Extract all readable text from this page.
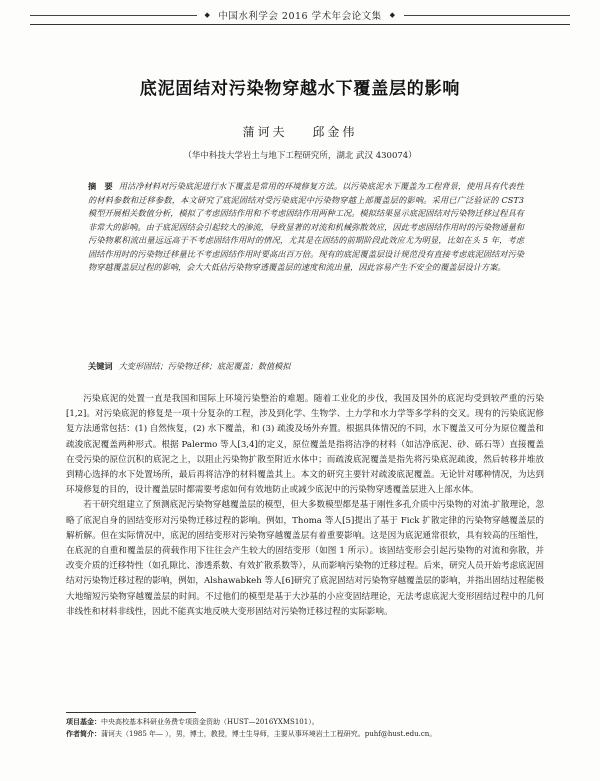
◆ 中国水利学会 2016 学术年会论文集 ◆
底泥固结对污染物穿越水下覆盖层的影响
蒲诃夫 邱金伟
（华中科技大学岩土与地下工程研究所，湖北 武汉 430074）
摘　要 用沽净材料对污染底泥进行水下覆盖是常用的环境修复方法。以污染底泥水下覆盖为工程背景，使用具有代表性的材料参数和迁移参数，本文研究了底泥固结对受污染底泥中污染物穿越上部覆盖层的影响。采用已广泛验证的 CST3 模型开展相关数值分析，模拟了考虑固结作用和不考虑固结作用两种工况。模拟结果显示底泥固结对污染物迁移过程具有非常大的影响。由于底泥固结会引起较大的渗流，导致显著的对流和机械弥散效应，因此考虑固结作用时的污染物通量和污染物累积流出量远远高于不考虑固结作用时的情况，尤其是在固结的前期阶段此效应尤为明显，比如在头 5 年，考虑固结作用时的污染物迁移量比不考虑固结作用时要高出百万倍。现有的底泥覆盖层设计规范没有直接考虑底泥固结对污染物穿越覆盖层过程的影响，会大大低估污染物穿透覆盖层的速度和流出量，因此容易产生不安全的覆盖层设计方案。
关键词 大变形固结；污染物迁移；底泥覆盖；数值模拟

污染底泥的处置一直是我国和国际上环境污染整治的难题。随着工业化的步伐，我国及国外的底泥均受到较严重的污染[1,2]。对污染底泥的修复是一项十分复杂的工程，涉及到化学、生物学、土力学和水力学等多学科的交叉。现有的污染底泥修复方法通常包括：(1) 自然恢复，(2) 水下覆盖，和 (3) 疏浚及场外弃置。根据具体情况的不同，水下覆盖又可分为原位覆盖和疏浚底泥覆盖两种形式。根据 Palermo 等人[3,4]的定义，原位覆盖是指将洁净的材料（如洁净底泥、砂、砾石等）直接覆盖在受污染的原位沉积的底泥之上，以阻止污染物扩散至附近水体中；而疏浚底泥覆盖是指先将污染底泥疏浚，然后转移并堆放到精心选择的水下处置场所，最后再将洁净的材料覆盖其上。本文的研究主要针对疏浚底泥覆盖。无论针对哪种情况，为达到环境修复的目的，设计覆盖层时都需要考虑如何有效地防止或减少底泥中的污染物穿透覆盖层进入上部水体。

若干研究组建立了预测底泥污染物穿越覆盖层的模型，但大多数模型都是基于刚性多孔介质中污染物的对流-扩散理论，忽略了底泥自身的固结变形对污染物迁移过程的影响。例如，Thoma 等人[5]提出了基于 Fick 扩散定律的污染物穿越覆盖层的解析解。但在实际情况中，底泥的固结变形对污染物穿越覆盖层有着重要影响。这是因为底泥通常很软，具有较高的压缩性，在底泥的自重和覆盖层的荷载作用下往往会产生较大的固结变形（如图 1 所示）。该固结变形会引起污染物的对流和弥散，并改变介质的迁移特性（如孔隙比、渗透系数、有效扩散系数等），从而影响污染物的迁移过程。后来，研究人员开始考虑底泥固结对污染物迁移过程的影响，例如，Alshawabkeh 等人[6]研究了底泥固结对污染物穿越覆盖层的影响，并指出固结过程能极大地缩短污染物穿越覆盖层的时间。不过他们的模型是基于大沙基的小应变固结理论，无法考虑底泥大变形固结过程中的几何非线性和材料非线性，因此不能真实地反映大变形固结对污染物迁移过程的实际影响。

项目基金：中央高校基本科研业务费专项资金资助（HUST—2016YXMS101）。
作者简介：蒲诃夫（1985 年— ），男，博士，教授，博士生导师，主要从事环境岩土工程研究。puhf@hust.edu.cn。
